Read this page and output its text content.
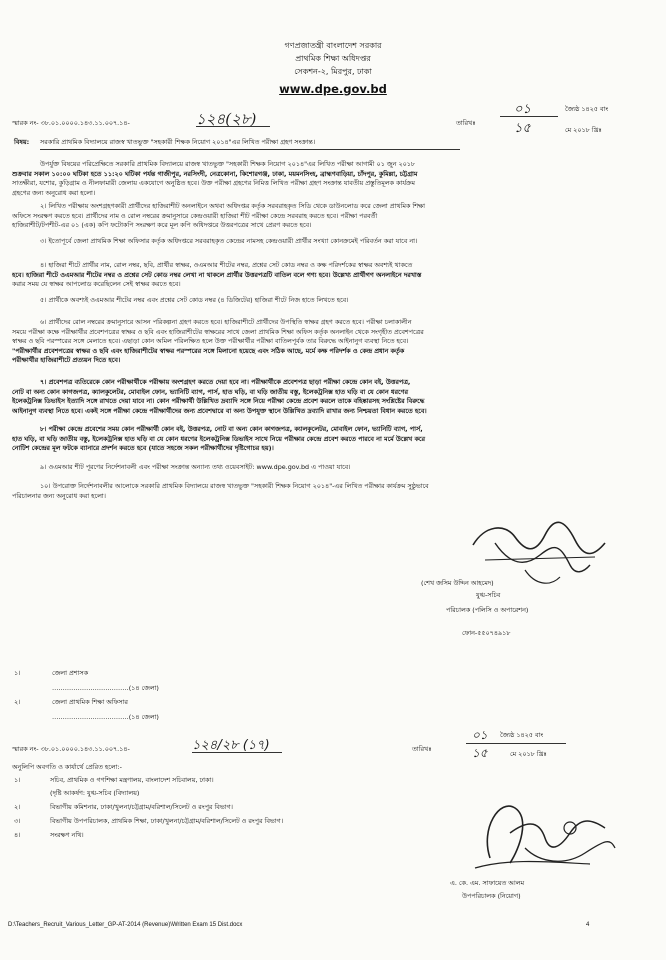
গণপ্রজাতন্ত্রী বাংলাদেশ সরকার
প্রাথমিক শিক্ষা অধিদপ্তর
সেকশন-২, মিরপুর, ঢাকা
www.dpe.gov.bd
স্মারক নং- ৩৮.০১.০০০০.১৪৩.১১.০০৭.১৪-	১২৪(২৮)	তারিখঃ
০১	জ্যৈষ্ঠ ১৪২৫ বাং
১৫	মে ২০১৮ খ্রিঃ
বিষয়: সরকারি প্রাথমিক বিদ্যালয়ে রাজস্ব খাতভুক্ত "সহকারী শিক্ষক নিয়োগ ২০১৪"এর লিখিত পরীক্ষা গ্রহণ সংক্রান্ত।
উপর্যুক্ত বিষয়ের পরিপ্রেক্ষিতে সরকারি প্রাথমিক বিদ্যালয়ে রাজস্ব খাতভুক্ত "সহকারী শিক্ষক নিয়োগ ২০১৪"এর লিখিত পরীক্ষা আগামী ০১ জুন ২০১৮
শুক্রবার সকাল ১০:০০ ঘটিকা হতে ১১:২০ ঘটিকা পর্যন্ত গাজীপুর, নরসিংদী, নেত্রকোনা, কিশোরগঞ্জ, ঢাকা, ময়মনসিংহ, ব্রাহ্মণবাড়িয়া, চাঁদপুর, কুমিল্লা, চট্টগ্রাম
সাতক্ষীরা, যশোর, কুড়িগ্রাম ও নীলফামারী জেলায় একযোগে অনুষ্ঠিত হবে। উক্ত পরীক্ষা গ্রহণের নিমিত্ত লিখিত পরীক্ষা গ্রহণ সংক্রান্ত যাবতীয় প্রস্তুতিমূলক কার্যক্রম
গ্রহণের জন্য অনুরোধ করা হলো।
২। লিখিত পরীক্ষায় অংশগ্রহণকারী প্রার্থীদের হাজিরাশীট অনলাইনে অথবা অধিদপ্তর কর্তৃক সরবরাহকৃত সিডি থেকে ডাউনলোড করে জেলা প্রাথমিক শিক্ষা
অফিসে সংরক্ষণ করতে হবে। প্রার্থীদের নাম ও রোল নম্বরের ক্রমানুসারে কেন্দ্রওয়ারী হাজিরা শীট পরীক্ষা কেন্দ্রে সরবরাহ করতে হবে। পরীক্ষা পরবর্তী
হাজিরাশীট/টপশীট-এর ০১ (এক) কপি ফটোকপি সংরক্ষণ করে মূল কপি অধিদপ্তরে উত্তরপত্রের সাথে প্রেরণ করতে হবে।
৩। ইতোপূর্বে জেলা প্রাথমিক শিক্ষা অফিসার কর্তৃক অধিদপ্তরে সরবরাহকৃত কেন্দ্রের নামসহ কেন্দ্রওয়ারী প্রার্থীর সংখ্যা কোনক্রমেই পরিবর্তন করা যাবে না।
৪। হাজিরা শীটে প্রার্থীর নাম, রোল নম্বর, ছবি, প্রার্থীর স্বাক্ষর, ওএমআর শীটের নম্বর, প্রশ্নের সেট কোড নম্বর ও কক্ষ পরিদর্শকের স্বাক্ষর অবশ্যই থাকতে
হবে। হাজিরা শীটে ওএমআর শীটের নম্বর ও প্রশ্নের সেট কোড নম্বর লেখা না থাকলে প্রার্থীর উত্তরপত্রটি বাতিল বলে গণ্য হবে। উল্লেখ্য প্রার্থীগণ অনলাইনে দরখাস্ত
করার সময় যে স্বাক্ষর আপলোড করেছিলেন সেই স্বাক্ষর করতে হবে।
৫। প্রার্থীকে অবশ্যই ওএমআর শীটের নম্বর এবং প্রশ্নের সেট কোড নম্বর (৪ ডিজিটের) হাজিরা শীটে নিজ হাতে লিখতে হবে।
৬। প্রার্থীদের রোল নম্বরের ক্রমানুসারে আসন পরিকল্পনা গ্রহণ করতে হবে। হাজিরাশীটে প্রার্থীদের উপস্থিতি স্বাক্ষর গ্রহণ করতে হবে। পরীক্ষা চলাকালীন
সময়ে পরীক্ষা কক্ষে পরীক্ষার্থীর প্রবেশপত্রের স্বাক্ষর ও ছবি এবং হাজিরাশীটের স্বাক্ষরের সাথে জেলা প্রাথমিক শিক্ষা অফিস কর্তৃক অনলাইন থেকে সংগৃহীত প্রবেশপত্রের
স্বাক্ষর ও ছবি পরস্পরের সঙ্গে মেলাতে হবে। এছাড়া কোন অমিল পরিলক্ষিত হলে উক্ত পরীক্ষার্থীর পরীক্ষা বাতিলপূর্বক তার বিরুদ্ধে আইনানুগ ব্যবস্থা নিতে হবে।
"পরীক্ষার্থীর প্রবেশপত্রের স্বাক্ষর ও ছবি এবং হাজিরাশীটের স্বাক্ষর পরস্পরের সঙ্গে মিলানো হয়েছে এবং সঠিক আছে, মর্মে কক্ষ পরিদর্শক ও কেন্দ্র প্রধান কর্তৃক
পরীক্ষার্থীর হাজিরাশীটে প্রত্যয়ন দিতে হবে।
৭। প্রবেশপত্র ব্যতিরেকে কোন পরীক্ষার্থীকে পরীক্ষায় অংশগ্রহণ করতে দেয়া হবে না। পরীক্ষার্থীকে প্রবেশপত্র ছাড়া পরীক্ষা কেন্দ্রে কোন বই, উত্তরপত্র,
নোট বা অন্য কোন কাগজপত্র, ক্যালকুলেটর, মোবাইল ফোন, ভ্যানিটি ব্যাগ, পার্স, হাত ঘড়ি, বা ঘড়ি জাতীয় বস্তু, ইলেকট্রনিক্স হাত ঘড়ি বা যে কোন ধরণের
ইলেকট্রনিক্স ডিভাইস ইত্যাদি সঙ্গে রাখতে দেয়া যাবে না। কোন পরীক্ষার্থী উল্লিখিত দ্রব্যাদি সঙ্গে নিয়ে পরীক্ষা কেন্দ্রে প্রবেশ করলে তাকে বহিষ্কারসহ সংশ্লিষ্টের বিরুদ্ধে
আইনানুগ ব্যবস্থা নিতে হবে। একই সঙ্গে পরীক্ষা কেন্দ্রে পরীক্ষার্থীদের জন্য প্রবেশদ্বারে বা অন্য উপযুক্ত স্থানে উল্লিখিত দ্রব্যাদি রাখার জন্য নিশ্চয়তা বিধান করতে হবে।
৮। পরীক্ষা কেন্দ্রে প্রবেশের সময় কোন পরীক্ষার্থী কোন বই, উত্তরপত্র, নোট বা অন্য কোন কাগজপত্র, ক্যালকুলেটর, মোবাইল ফোন, ভ্যানিটি ব্যাগ, পার্স,
হাত ঘড়ি, বা ঘড়ি জাতীয় বস্তু, ইলেকট্রনিক্স হাত ঘড়ি বা যে কোন ধরণের ইলেকট্রনিক্স ডিভাইস সাথে নিয়ে পরীক্ষার কেন্দ্রে প্রবেশ করতে পারবে না মর্মে উল্লেখ করে
নোটিশ কেন্দ্রের মূল ফটকে ব্যানারে প্রদর্শন করতে হবে (যাতে সহজে সকল পরীক্ষার্থীদের দৃষ্টিগোচর হয়)।
৯। ওএমআর শীট পূরণের নির্দেশনাবলী এবং পরীক্ষা সংক্রান্ত অন্যান্য তথ্য ওয়েবসাইট: www.dpe.gov.bd এ পাওয়া যাবে।
১০। উপরোক্ত নির্দেশনাবলীর আলোকে সরকারি প্রাথমিক বিদ্যালয়ে রাজস্ব খাতভুক্ত "সহকারী শিক্ষক নিয়োগ ২০১৪"-এর লিখিত পরীক্ষার কার্যক্রম সুষ্ঠুভাবে
পরিচালনার জন্য অনুরোধ করা হলো।
(শেখ জসিম উদ্দিন আহমেদ)
যুগ্ম-সচিব
পরিচালক (পলিসি ও অপারেশন)
ফোন-৫৫০৭৪৯১৮
১।	জেলা প্রশাসক
………………………………(১৪ জেলা)
২।	জেলা প্রাথমিক শিক্ষা অফিসার
………………………………(১৪ জেলা)
স্মারক নং- ৩৮.০১.০০০০.১৪৩.১১.০০৭.১৪-	১২৪/২৮ (১৭)	তারিখঃ
০১ জ্যৈষ্ঠ ১৪২৫ বাং
১৫	মে ২০১৮ খ্রিঃ
অনুলিপি অবগতি ও কার্যার্থে প্রেরিত হলো:-
১।	সচিব, প্রাথমিক ও গণশিক্ষা মন্ত্রণালয়, বাংলাদেশ সচিবালয়, ঢাকা।
(দৃষ্টি আকর্ষণ: যুগ্ম-সচিব (বিদ্যালয়)
২।	বিভাগীয় কমিশনার, ঢাকা/খুলনা/চট্টগ্রাম/বরিশাল/সিলেট ও রংপুর বিভাগ।
৩।	বিভাগীয় উপপরিচালক, প্রাথমিক শিক্ষা, ঢাকা/খুলনা/চট্টগ্রাম/বরিশাল/সিলেট ও রংপুর বিভাগ।
৪।	সংরক্ষণ নথি।
এ. কে. এম. সাফায়েত আলম
উপপরিচালক (নিয়োগ)
D:\Teachers_Recruit_Various_Letter_GP-AT-2014 (Revenue)\Written Exam 15 Dist.docx	4
